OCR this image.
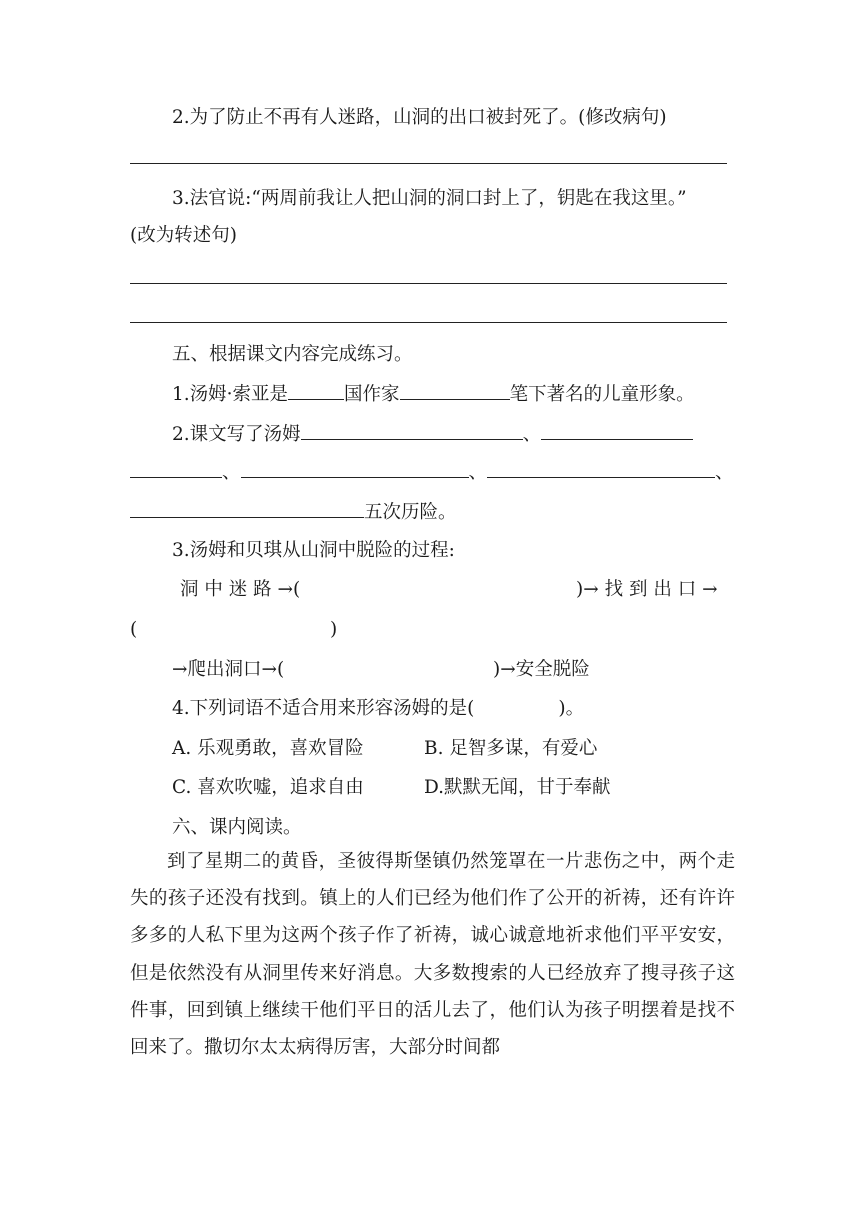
2.为了防止不再有人迷路，山洞的出口被封死了。(修改病句)
3.法官说:“两周前我让人把山洞的洞口封上了，钥匙在我这里。”
(改为转述句)
五、根据课文内容完成练习。
1.汤姆·索亚是	国作家	笔下著名的儿童形象。
2.课文写了汤姆	、
、	、	、
五次历险。
3.汤姆和贝琪从山洞中脱险的过程:
洞 中 迷 路 →(	)→ 找 到 出 口 →
(	)
→爬出洞口→(	)→安全脱险
4.下列词语不适合用来形容汤姆的是(	)。
A. 乐观勇敢，喜欢冒险	B. 足智多谋，有爱心
C. 喜欢吹嘘，追求自由	D.默默无闻，甘于奉献
六、课内阅读。
到了星期二的黄昏，圣彼得斯堡镇仍然笼罩在一片悲伤之中，两个走失的孩子还没有找到。镇上的人们已经为他们作了公开的祈祷，还有许许多多的人私下里为这两个孩子作了祈祷，诚心诚意地祈求他们平平安安，但是依然没有从洞里传来好消息。大多数搜索的人已经放弃了搜寻孩子这件事，回到镇上继续干他们平日的活儿去了，他们认为孩子明摆着是找不回来了。撒切尔太太病得厉害，大部分时间都
